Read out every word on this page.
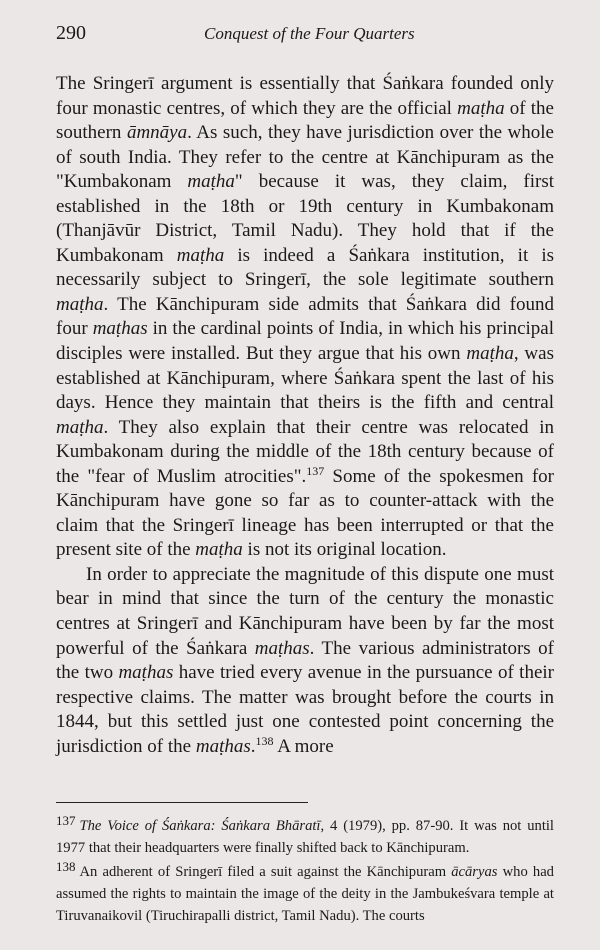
290	Conquest of the Four Quarters

The Sringerī argument is essentially that Śaṅkara founded only four monastic centres, of which they are the official maṭha of the southern āmnāya. As such, they have jurisdiction over the whole of south India. They refer to the centre at Kānchipuram as the "Kumbakonam maṭha" because it was, they claim, first established in the 18th or 19th century in Kumbakonam (Thanjāvūr District, Tamil Nadu). They hold that if the Kumbakonam maṭha is indeed a Śaṅkara institution, it is necessarily subject to Sringerī, the sole legitimate southern maṭha. The Kānchipuram side admits that Śaṅkara did found four maṭhas in the cardinal points of India, in which his principal disciples were installed. But they argue that his own maṭha, was established at Kānchipuram, where Śaṅkara spent the last of his days. Hence they maintain that theirs is the fifth and central maṭha. They also explain that their centre was relocated in Kumbakonam during the middle of the 18th century because of the "fear of Muslim atrocities".$^{137}$ Some of the spokesmen for Kānchipuram have gone so far as to counter-attack with the claim that the Sringerī lineage has been interrupted or that the present site of the maṭha is not its original location.

In order to appreciate the magnitude of this dispute one must bear in mind that since the turn of the century the monastic centres at Sringerī and Kānchipuram have been by far the most powerful of the Śaṅkara maṭhas. The various administrators of the two maṭhas have tried every avenue in the pursuance of their respective claims. The matter was brought before the courts in 1844, but this settled just one contested point concerning the jurisdiction of the maṭhas.$^{138}$ A more

$^{137}$ The Voice of Śaṅkara: Śaṅkara Bhāratī, 4 (1979), pp. 87-90. It was not until 1977 that their headquarters were finally shifted back to Kānchipuram.

$^{138}$ An adherent of Sringerī filed a suit against the Kānchipuram ācāryas who had assumed the rights to maintain the image of the deity in the Jambukeśvara temple at Tiruvanaikovil (Tiruchirapalli district, Tamil Nadu). The courts
